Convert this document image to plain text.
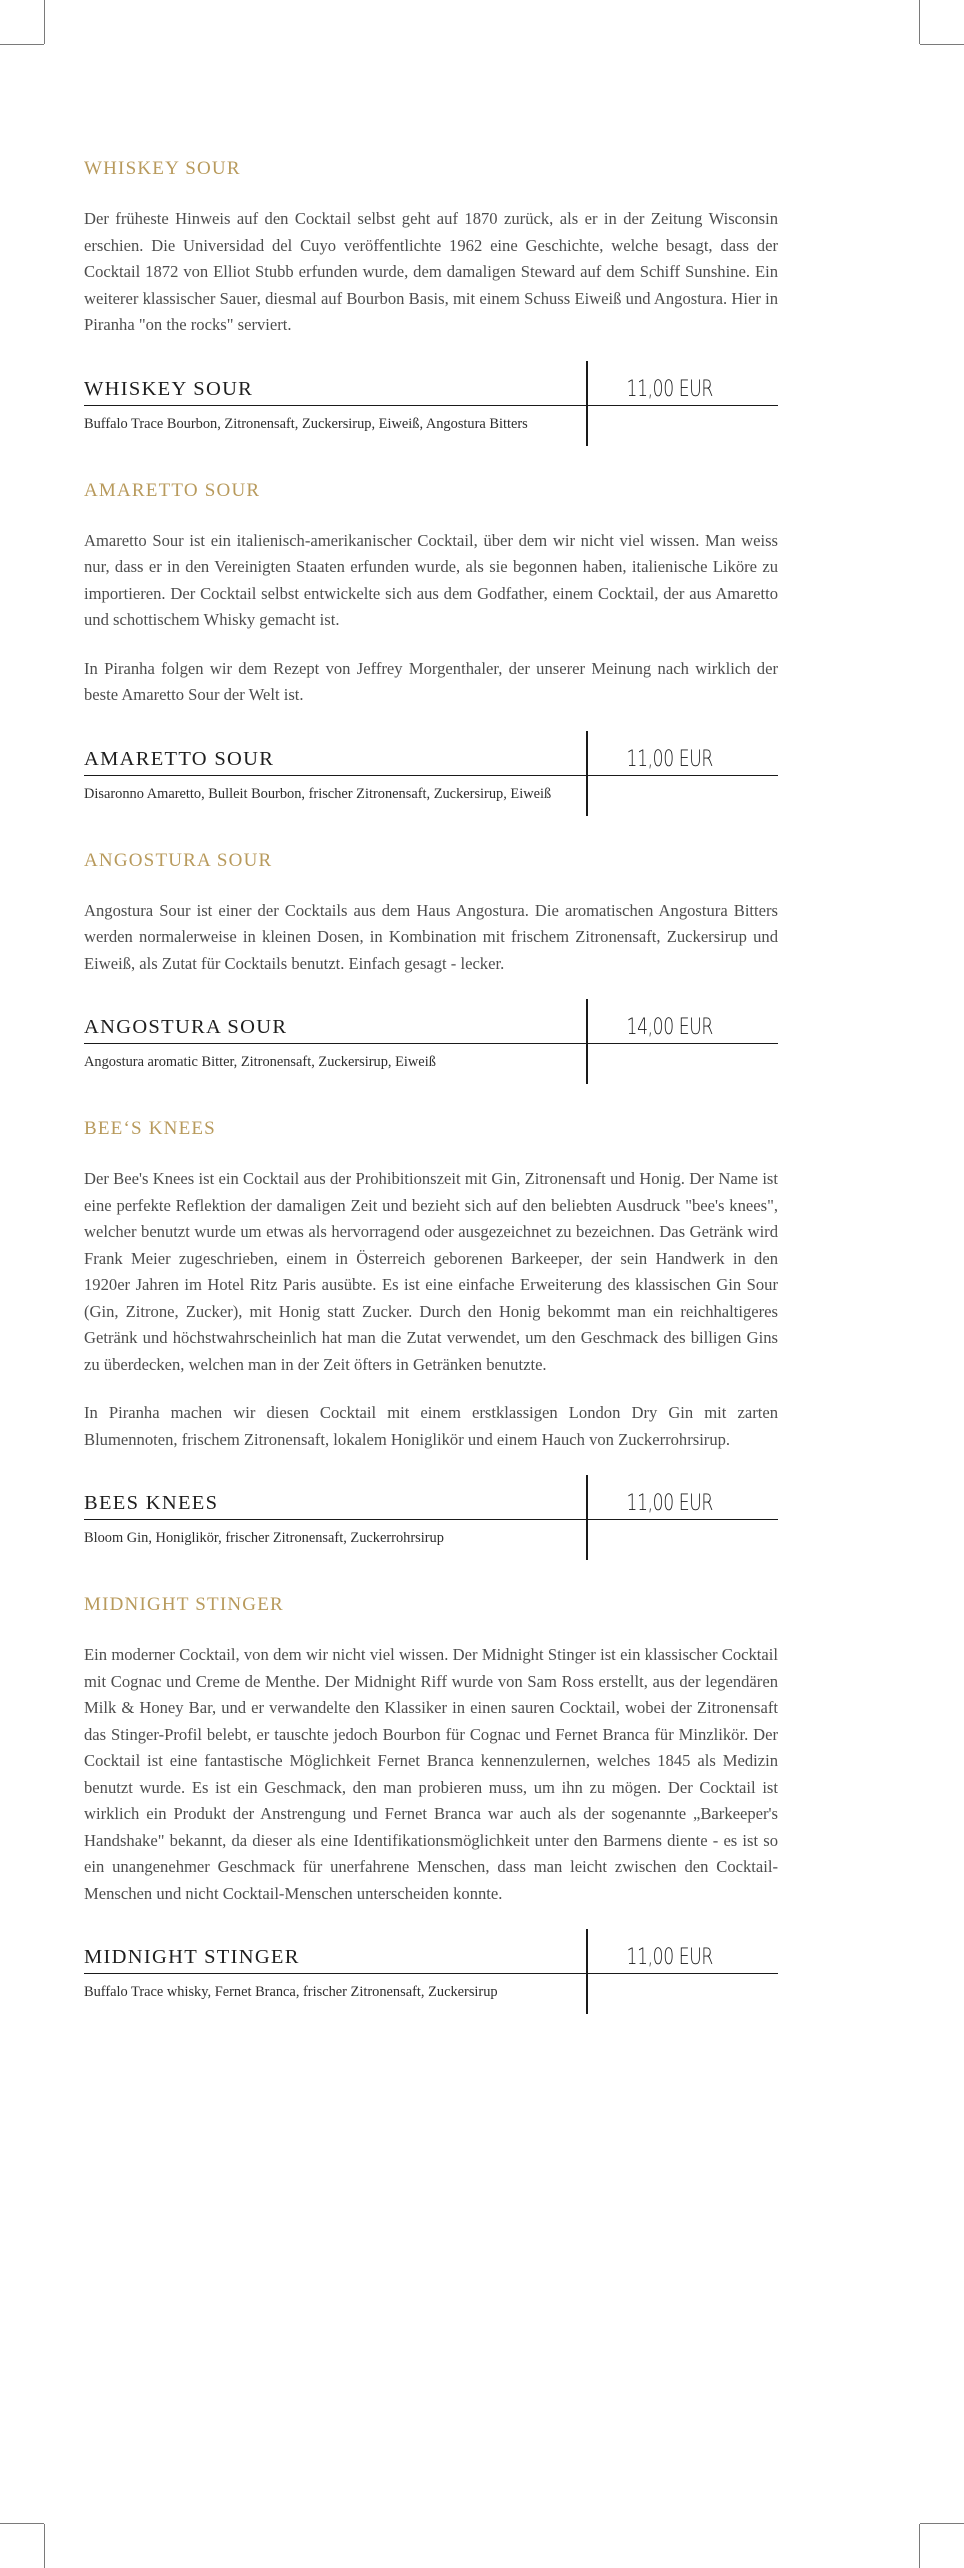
WHISKEY SOUR

Der früheste Hinweis auf den Cocktail selbst geht auf 1870 zurück, als er in der Zeitung Wisconsin erschien. Die Universidad del Cuyo veröffentlichte 1962 eine Geschichte, welche besagt, dass der Cocktail 1872 von Elliot Stubb erfunden wurde, dem damaligen Steward auf dem Schiff Sunshine. Ein weiterer klassischer Sauer, diesmal auf Bourbon Basis, mit einem Schuss Eiweiß und Angostura. Hier in Piranha "on the rocks" serviert.

WHISKEY SOUR	11,00 EUR
Buffalo Trace Bourbon, Zitronensaft, Zuckersirup, Eiweiß, Angostura Bitters
AMARETTO SOUR

Amaretto Sour ist ein italienisch-amerikanischer Cocktail, über dem wir nicht viel wissen. Man weiss nur, dass er in den Vereinigten Staaten erfunden wurde, als sie begonnen haben, italienische Liköre zu importieren. Der Cocktail selbst entwickelte sich aus dem Godfather, einem Cocktail, der aus Amaretto und schottischem Whisky gemacht ist.

In Piranha folgen wir dem Rezept von Jeffrey Morgenthaler, der unserer Meinung nach wirklich der beste Amaretto Sour der Welt ist.

AMARETTO SOUR	11,00 EUR
Disaronno Amaretto, Bulleit Bourbon, frischer Zitronensaft, Zuckersirup, Eiweiß
ANGOSTURA SOUR

Angostura Sour ist einer der Cocktails aus dem Haus Angostura. Die aromatischen Angostura Bitters werden normalerweise in kleinen Dosen, in Kombination mit frischem Zitronensaft, Zuckersirup und Eiweiß, als Zutat für Cocktails benutzt. Einfach gesagt - lecker.

ANGOSTURA SOUR	14,00 EUR
Angostura aromatic Bitter, Zitronensaft, Zuckersirup, Eiweiß
BEE‘S KNEES

Der Bee's Knees ist ein Cocktail aus der Prohibitionszeit mit Gin, Zitronensaft und Honig. Der Name ist eine perfekte Reflektion der damaligen Zeit und bezieht sich auf den beliebten Ausdruck "bee's knees", welcher benutzt wurde um etwas als hervorragend oder ausgezeichnet zu bezeichnen. Das Getränk wird Frank Meier zugeschrieben, einem in Österreich geborenen Barkeeper, der sein Handwerk in den 1920er Jahren im Hotel Ritz Paris ausübte. Es ist eine einfache Erweiterung des klassischen Gin Sour (Gin, Zitrone, Zucker), mit Honig statt Zucker. Durch den Honig bekommt man ein reichhaltigeres Getränk und höchstwahrscheinlich hat man die Zutat verwendet, um den Geschmack des billigen Gins zu überdecken, welchen man in der Zeit öfters in Getränken benutzte.

In Piranha machen wir diesen Cocktail mit einem erstklassigen London Dry Gin mit zarten Blumennoten, frischem Zitronensaft, lokalem Honiglikör und einem Hauch von Zuckerrohrsirup.

BEES KNEES	11,00 EUR
Bloom Gin, Honiglikör, frischer Zitronensaft, Zuckerrohrsirup
MIDNIGHT STINGER

Ein moderner Cocktail, von dem wir nicht viel wissen. Der Midnight Stinger ist ein klassischer Cocktail mit Cognac und Creme de Menthe. Der Midnight Riff wurde von Sam Ross erstellt, aus der legendären Milk & Honey Bar, und er verwandelte den Klassiker in einen sauren Cocktail, wobei der Zitronensaft das Stinger-Profil belebt, er tauschte jedoch Bourbon für Cognac und Fernet Branca für Minzlikör. Der Cocktail ist eine fantastische Möglichkeit Fernet Branca kennenzulernen, welches 1845 als Medizin benutzt wurde. Es ist ein Geschmack, den man probieren muss, um ihn zu mögen. Der Cocktail ist wirklich ein Produkt der Anstrengung und Fernet Branca war auch als der sogenannte „Barkeeper's Handshake" bekannt, da dieser als eine Identifikationsmöglichkeit unter den Barmens diente - es ist so ein unangenehmer Geschmack für unerfahrene Menschen, dass man leicht zwischen den Cocktail-Menschen und nicht Cocktail-Menschen unterscheiden konnte.

MIDNIGHT STINGER	11,00 EUR
Buffalo Trace whisky, Fernet Branca, frischer Zitronensaft, Zuckersirup
